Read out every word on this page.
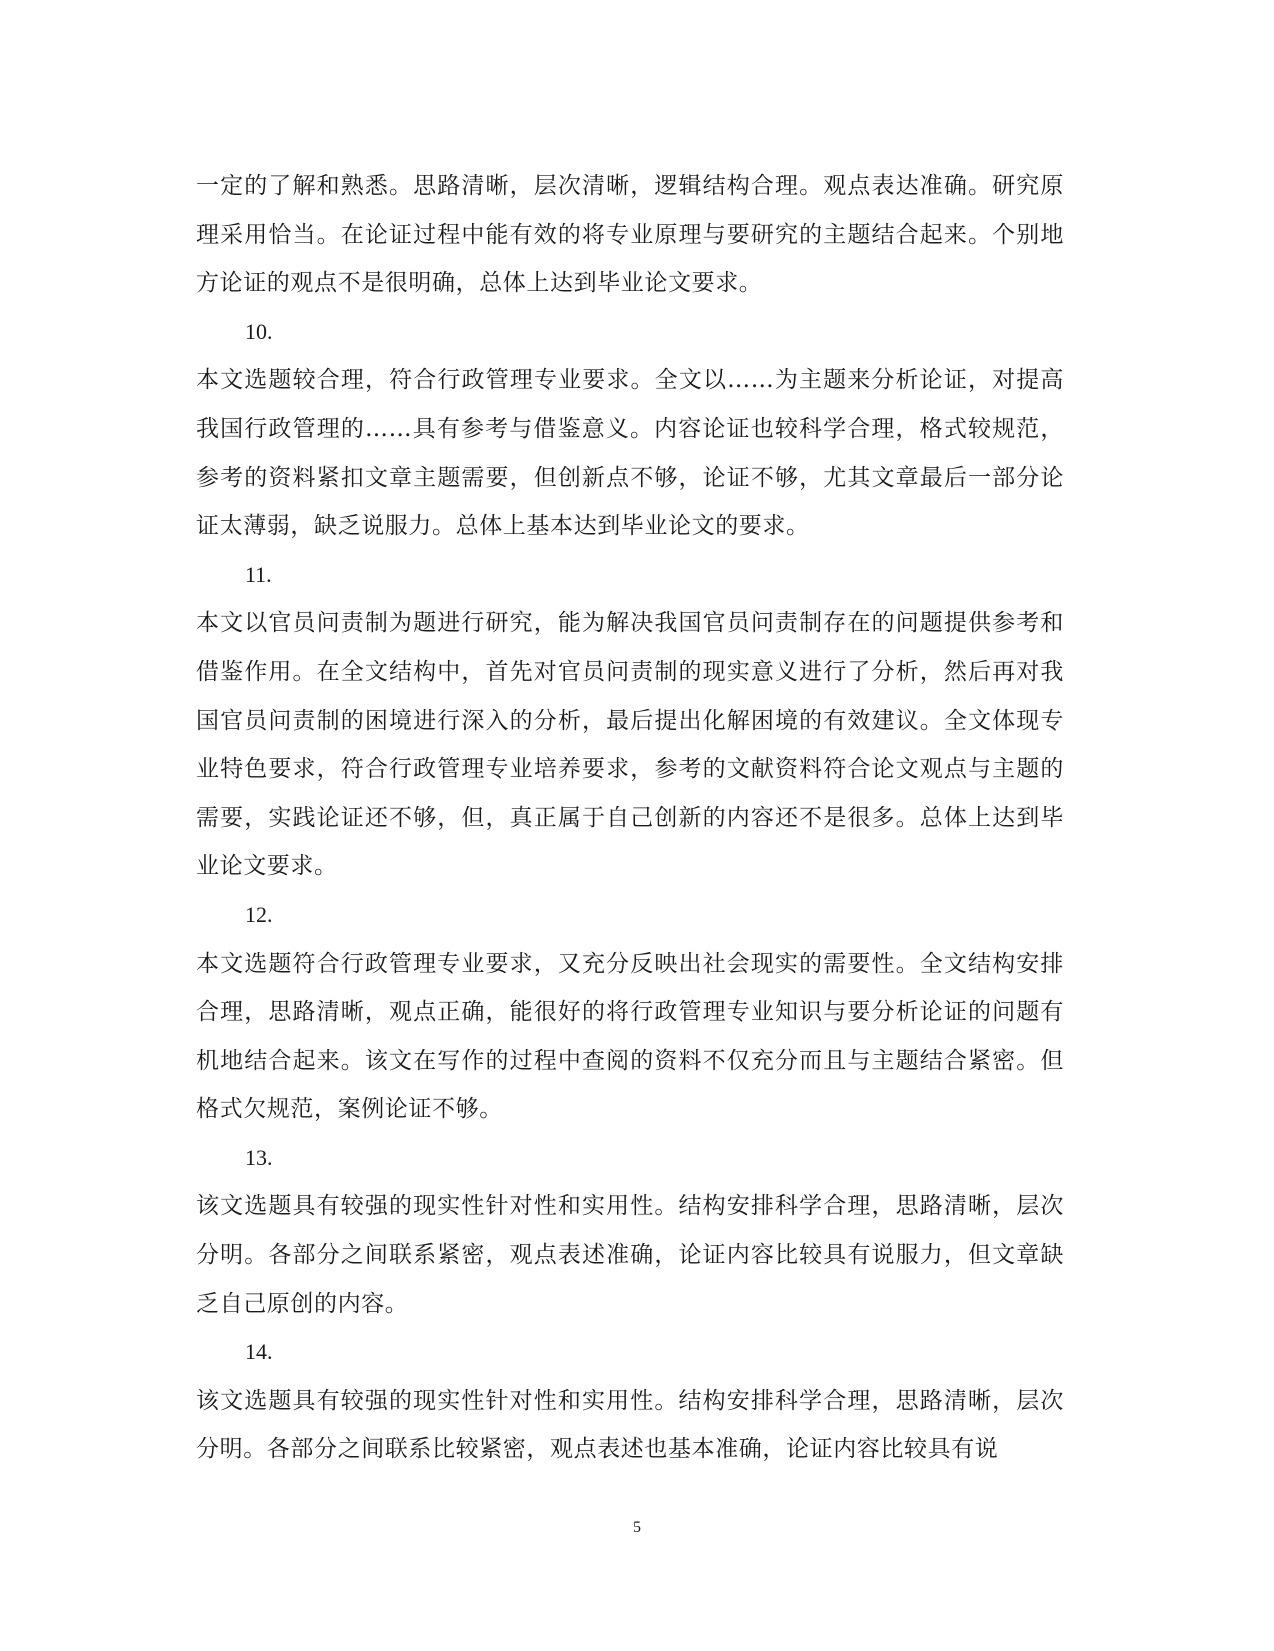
一定的了解和熟悉。思路清晰，层次清晰，逻辑结构合理。观点表达准确。研究原理采用恰当。在论证过程中能有效的将专业原理与要研究的主题结合起来。个别地方论证的观点不是很明确，总体上达到毕业论文要求。

10.

本文选题较合理，符合行政管理专业要求。全文以……为主题来分析论证，对提高我国行政管理的……具有参考与借鉴意义。内容论证也较科学合理，格式较规范，参考的资料紧扣文章主题需要，但创新点不够，论证不够，尤其文章最后一部分论证太薄弱，缺乏说服力。总体上基本达到毕业论文的要求。

11.

本文以官员问责制为题进行研究，能为解决我国官员问责制存在的问题提供参考和借鉴作用。在全文结构中，首先对官员问责制的现实意义进行了分析，然后再对我国官员问责制的困境进行深入的分析，最后提出化解困境的有效建议。全文体现专业特色要求，符合行政管理专业培养要求，参考的文献资料符合论文观点与主题的需要，实践论证还不够，但，真正属于自己创新的内容还不是很多。总体上达到毕业论文要求。

12.

本文选题符合行政管理专业要求，又充分反映出社会现实的需要性。全文结构安排合理，思路清晰，观点正确，能很好的将行政管理专业知识与要分析论证的问题有机地结合起来。该文在写作的过程中查阅的资料不仅充分而且与主题结合紧密。但格式欠规范，案例论证不够。

13.

该文选题具有较强的现实性针对性和实用性。结构安排科学合理，思路清晰，层次分明。各部分之间联系紧密，观点表述准确，论证内容比较具有说服力，但文章缺乏自己原创的内容。

14.

该文选题具有较强的现实性针对性和实用性。结构安排科学合理，思路清晰，层次分明。各部分之间联系比较紧密，观点表述也基本准确，论证内容比较具有说

5
